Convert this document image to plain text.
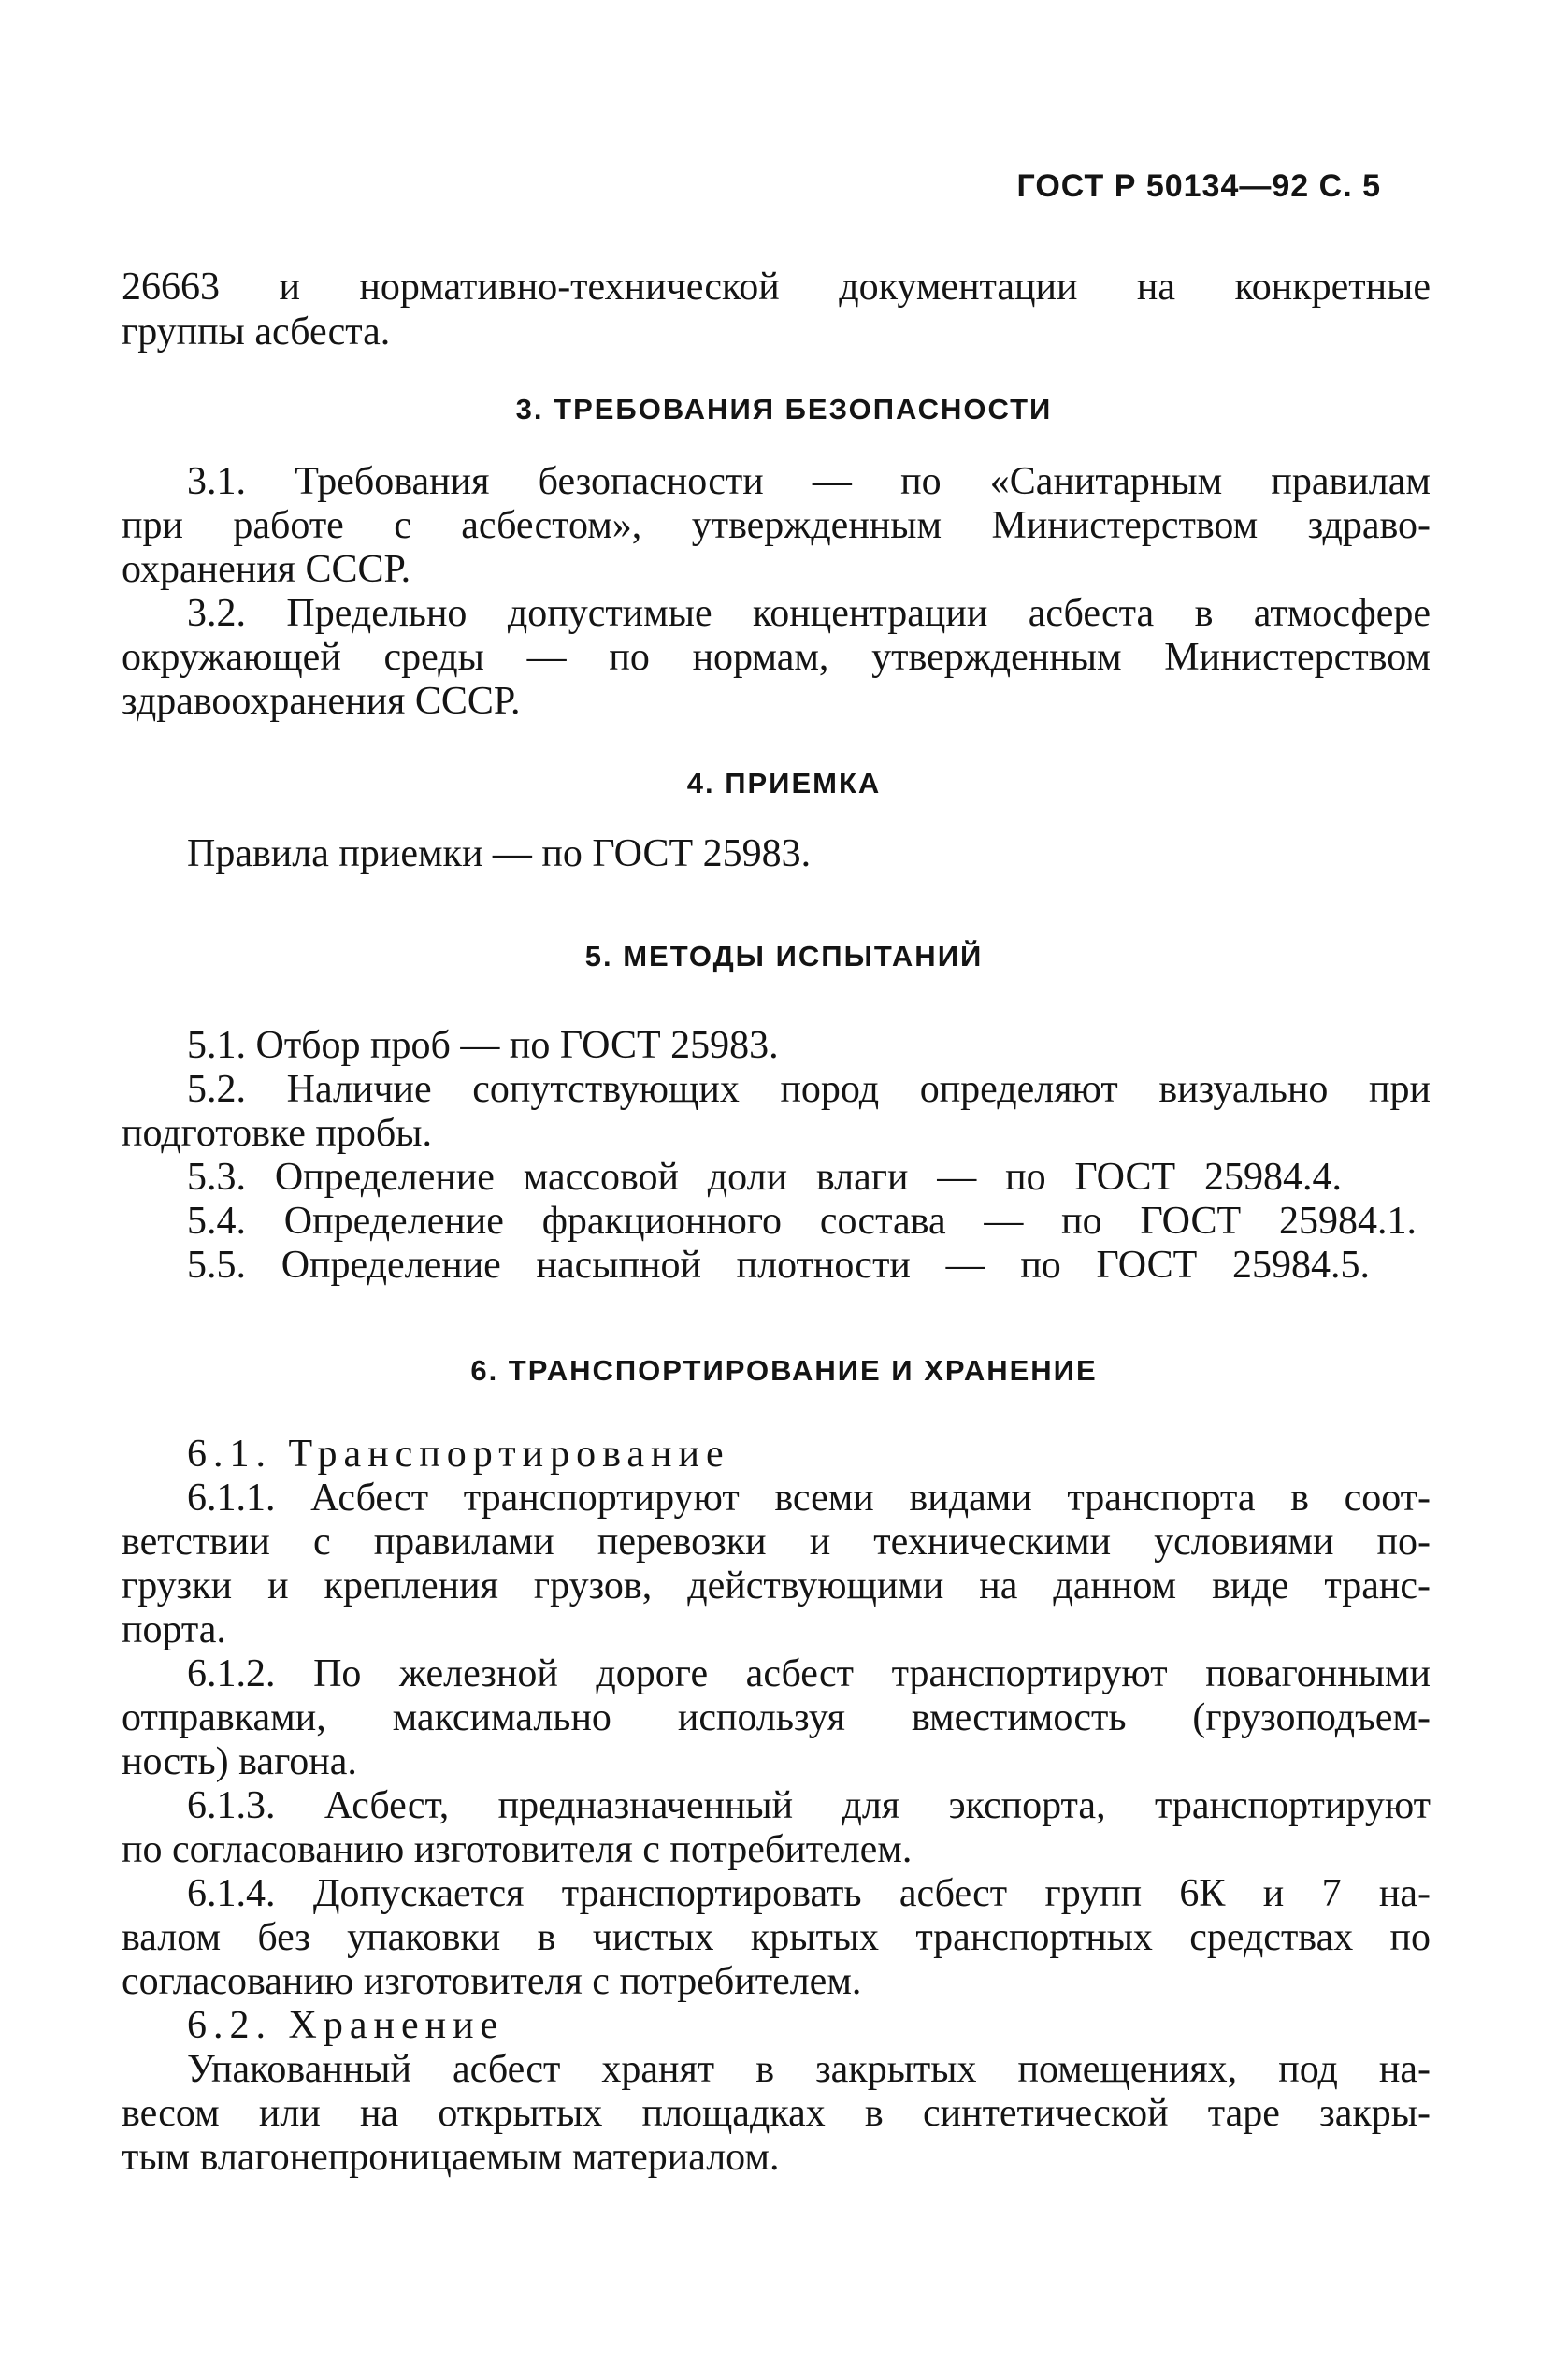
ГОСТ Р 50134—92 С. 5
26663 и нормативно-технической документации на конкретные
группы асбеста.
3. ТРЕБОВАНИЯ БЕЗОПАСНОСТИ
3.1. Требования безопасности — по «Санитарным правилам
при работе с асбестом», утвержденным Министерством здраво-
охранения СССР.
3.2. Предельно допустимые концентрации асбеста в атмосфере
окружающей среды — по нормам, утвержденным Министерством
здравоохранения СССР.
4. ПРИЕМКА
Правила приемки — по ГОСТ 25983.
5. МЕТОДЫ ИСПЫТАНИЙ
5.1. Отбор проб — по ГОСТ 25983.
5.2. Наличие сопутствующих пород определяют визуально при
подготовке пробы.
5.3. Определение массовой доли влаги — по ГОСТ 25984.4.
5.4. Определение фракционного состава — по ГОСТ 25984.1.
5.5. Определение насыпной плотности — по ГОСТ 25984.5.
6. ТРАНСПОРТИРОВАНИЕ И ХРАНЕНИЕ
6.1. Транспортирование
6.1.1. Асбест транспортируют всеми видами транспорта в соот-
ветствии с правилами перевозки и техническими условиями по-
грузки и крепления грузов, действующими на данном виде транс-
порта.
6.1.2. По железной дороге асбест транспортируют повагонными
отправками, максимально используя вместимость (грузоподъем-
ность) вагона.
6.1.3. Асбест, предназначенный для экспорта, транспортируют
по согласованию изготовителя с потребителем.
6.1.4. Допускается транспортировать асбест групп 6К и 7 на-
валом без упаковки в чистых крытых транспортных средствах по
согласованию изготовителя с потребителем.
6.2. Хранение
Упакованный асбест хранят в закрытых помещениях, под на-
весом или на открытых площадках в синтетической таре закры-
тым влагонепроницаемым материалом.
